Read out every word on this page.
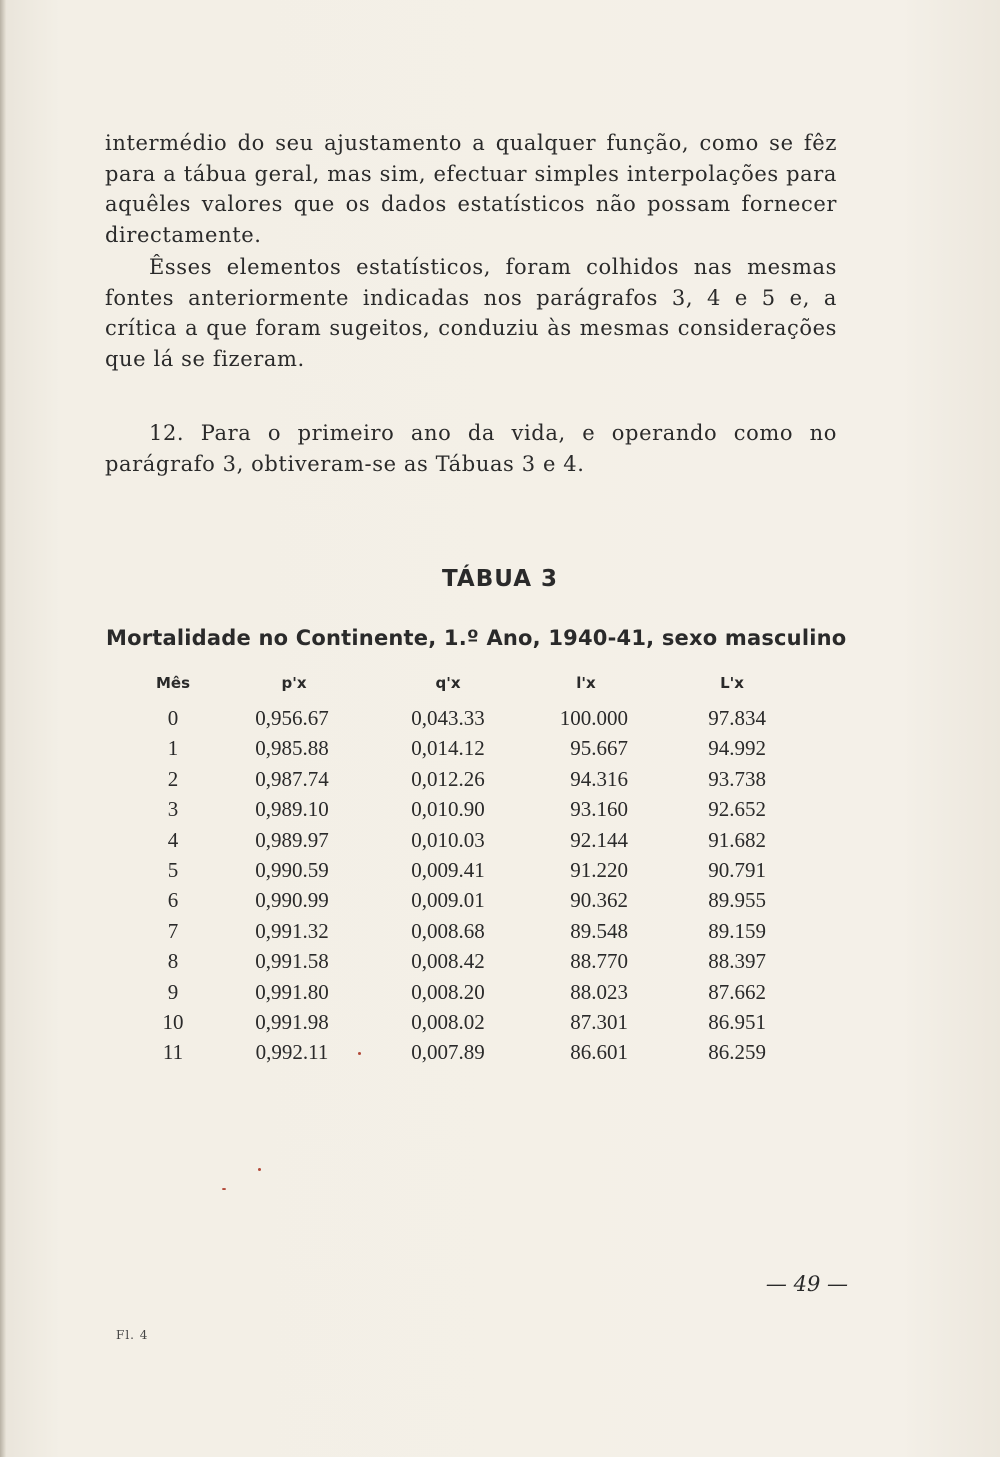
intermédio do seu ajustamento a qualquer função, como se fêz para a tábua geral, mas sim, efectuar simples interpolações para aquêles valores que os dados estatísticos não possam fornecer directamente.

Êsses elementos estatísticos, foram colhidos nas mesmas fontes anteriormente indicadas nos parágrafos 3, 4 e 5 e, a crítica a que foram sugeitos, conduziu às mesmas considerações que lá se fizeram.

12. Para o primeiro ano da vida, e operando como no parágrafo 3, obtiveram-se as Tábuas 3 e 4.

TÁBUA 3
Mortalidade no Continente, 1.º Ano, 1940-41, sexo masculino
Mês	p'x	q'x	l'x	L'x
0	0,956.67	0,043.33	100.000	97.834
1	0,985.88	0,014.12	95.667	94.992
2	0,987.74	0,012.26	94.316	93.738
3	0,989.10	0,010.90	93.160	92.652
4	0,989.97	0,010.03	92.144	91.682
5	0,990.59	0,009.41	91.220	90.791
6	0,990.99	0,009.01	90.362	89.955
7	0,991.32	0,008.68	89.548	89.159
8	0,991.58	0,008.42	88.770	88.397
9	0,991.80	0,008.20	88.023	87.662
10	0,991.98	0,008.02	87.301	86.951
11	0,992.11	0,007.89	86.601	86.259
— 49 —
Fl. 4
